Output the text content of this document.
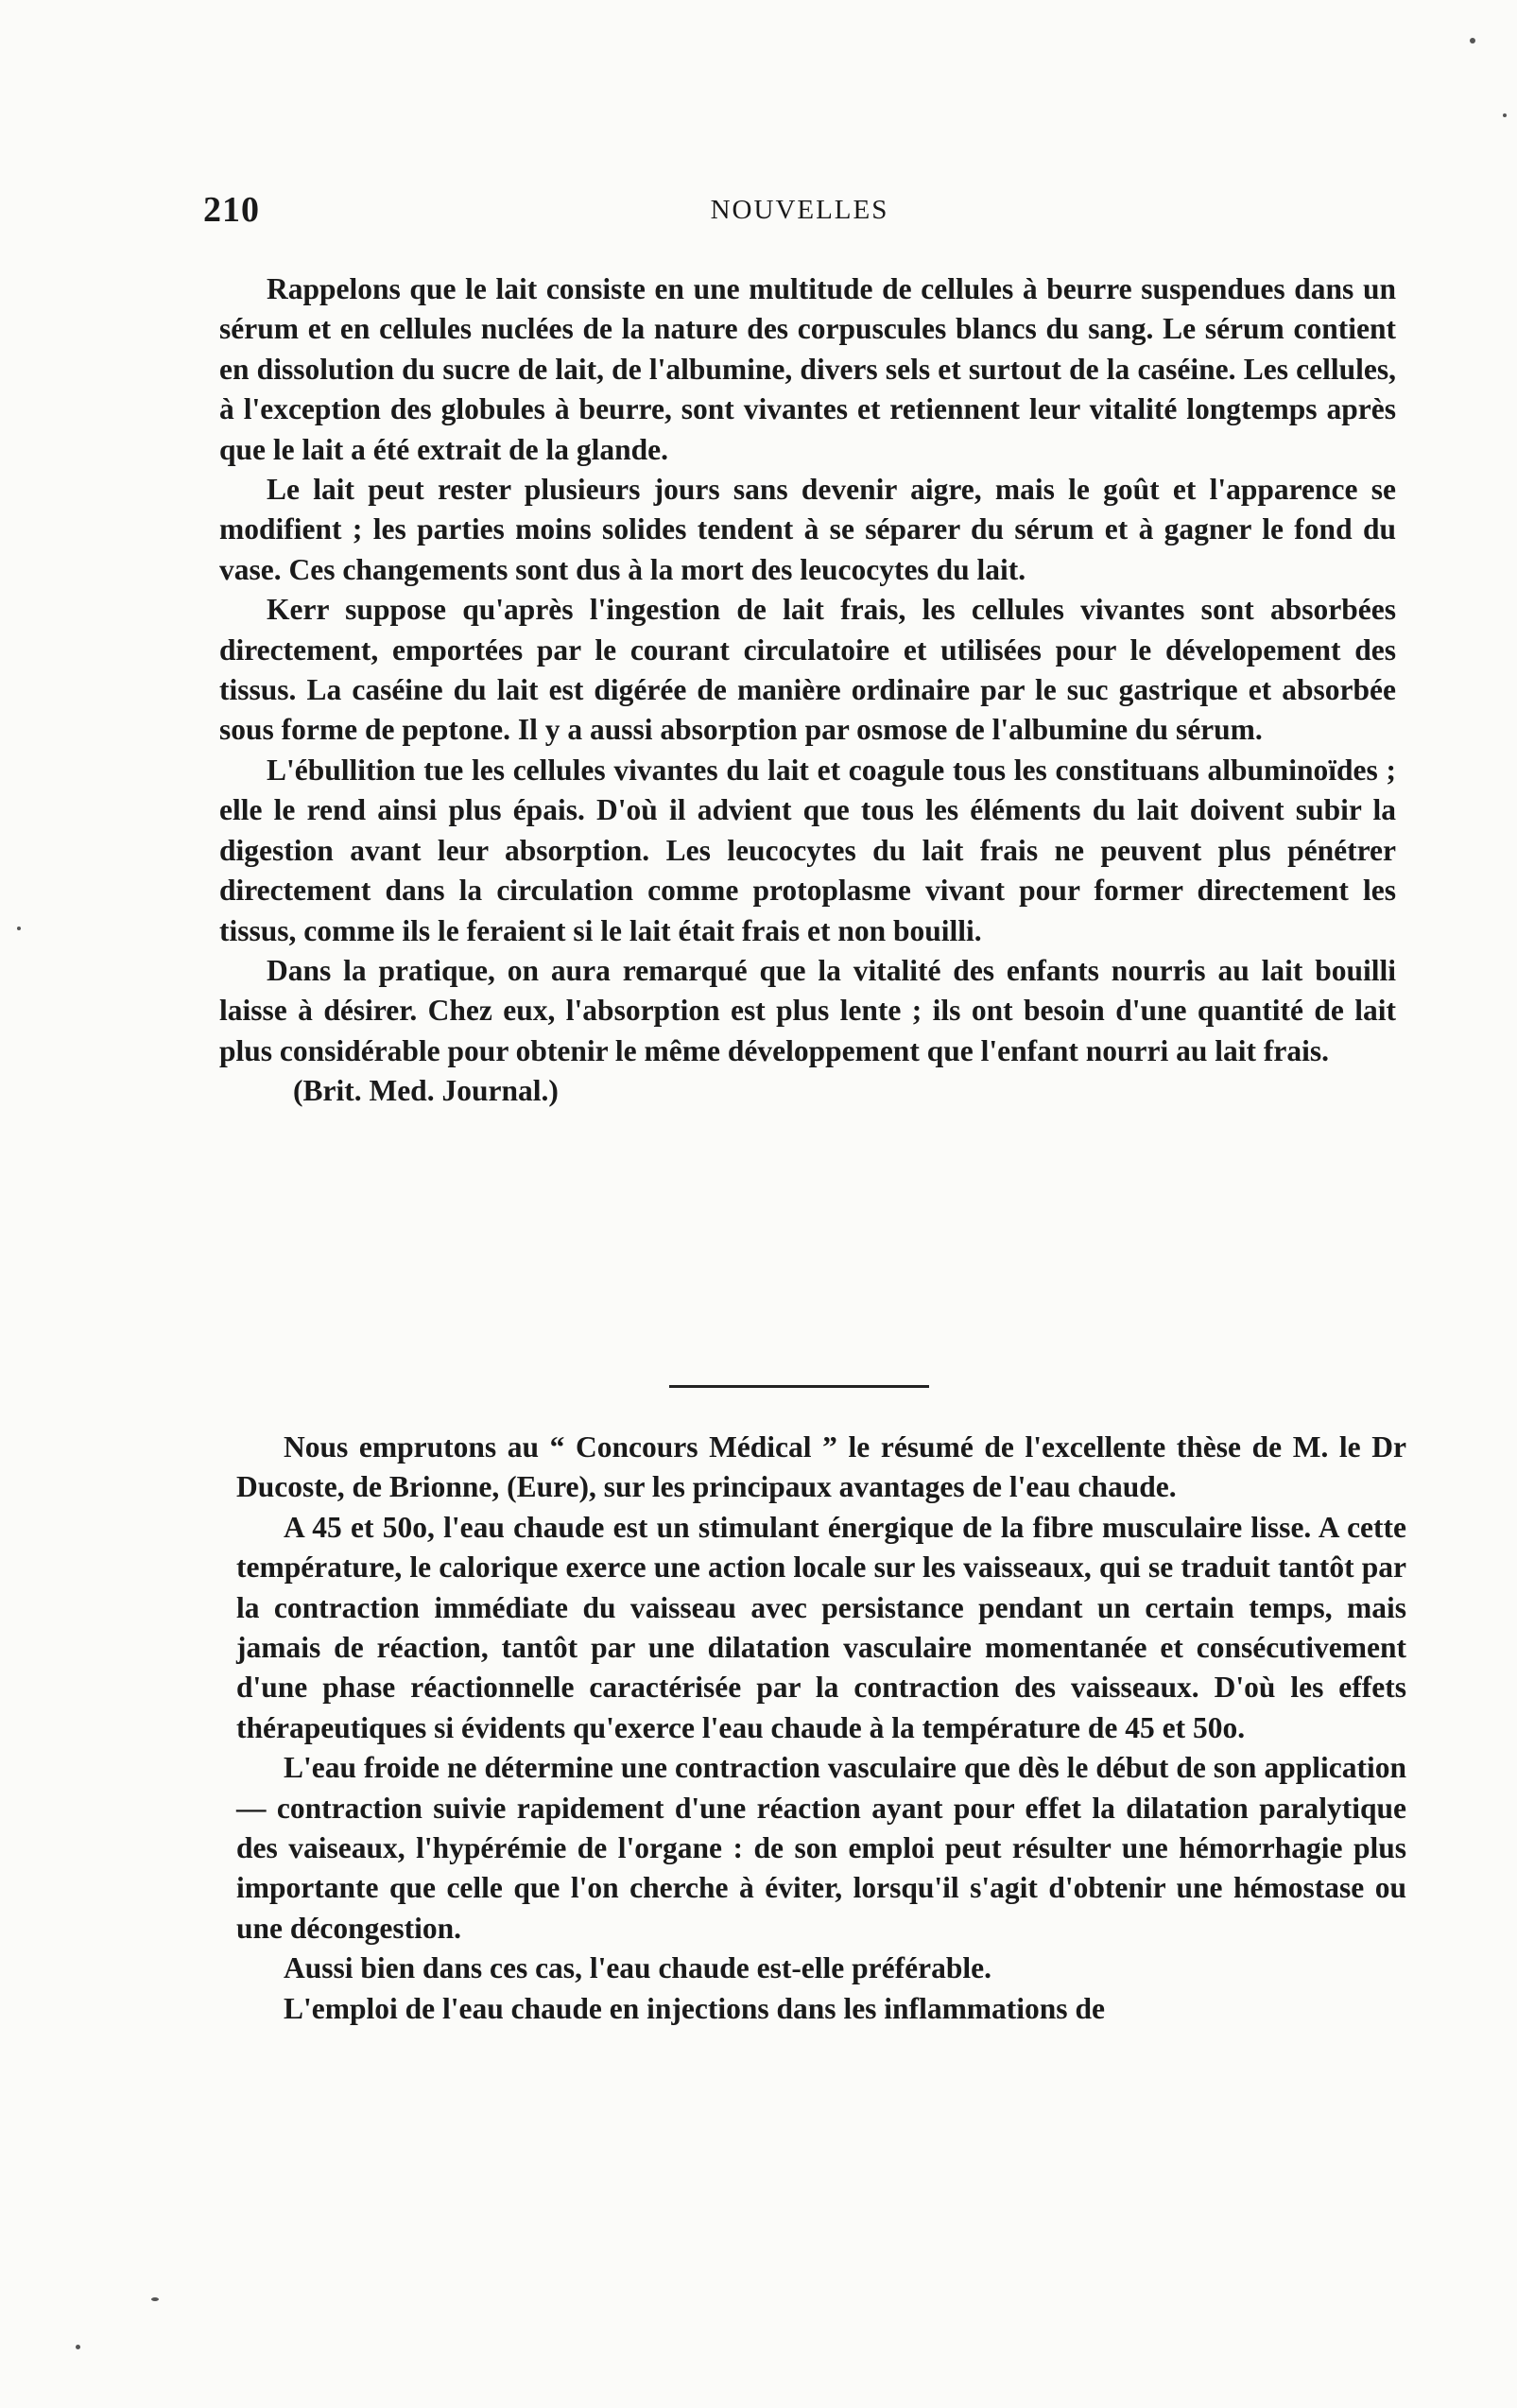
210	NOUVELLES

Rappelons que le lait consiste en une multitude de cellules à beurre suspendues dans un sérum et en cellules nuclées de la nature des corpuscules blancs du sang. Le sérum contient en dissolution du sucre de lait, de l'albumine, divers sels et surtout de la caséine. Les cellules, à l'exception des globules à beurre, sont vivantes et retiennent leur vitalité longtemps après que le lait a été extrait de la glande.

Le lait peut rester plusieurs jours sans devenir aigre, mais le goût et l'apparence se modifient ; les parties moins solides tendent à se séparer du sérum et à gagner le fond du vase. Ces changements sont dus à la mort des leucocytes du lait.

Kerr suppose qu'après l'ingestion de lait frais, les cellules vivantes sont absorbées directement, emportées par le courant circulatoire et utilisées pour le dévelopement des tissus. La caséine du lait est digérée de manière ordinaire par le suc gastrique et absorbée sous forme de peptone. Il y a aussi absorption par osmose de l'albumine du sérum.

L'ébullition tue les cellules vivantes du lait et coagule tous les constituans albuminoïdes ; elle le rend ainsi plus épais. D'où il advient que tous les éléments du lait doivent subir la digestion avant leur absorption. Les leucocytes du lait frais ne peuvent plus pénétrer directement dans la circulation comme protoplasme vivant pour former directement les tissus, comme ils le feraient si le lait était frais et non bouilli.

Dans la pratique, on aura remarqué que la vitalité des enfants nourris au lait bouilli laisse à désirer. Chez eux, l'absorption est plus lente ; ils ont besoin d'une quantité de lait plus considérable pour obtenir le même développement que l'enfant nourri au lait frais.

(Brit. Med. Journal.)

Nous emprutons au “ Concours Médical ” le résumé de l'excellente thèse de M. le Dr Ducoste, de Brionne, (Eure), sur les principaux avantages de l'eau chaude.

A 45 et 50o, l'eau chaude est un stimulant énergique de la fibre musculaire lisse. A cette température, le calorique exerce une action locale sur les vaisseaux, qui se traduit tantôt par la contraction immédiate du vaisseau avec persistance pendant un certain temps, mais jamais de réaction, tantôt par une dilatation vasculaire momentanée et consécutivement d'une phase réactionnelle caractérisée par la contraction des vaisseaux. D'où les effets thérapeutiques si évidents qu'exerce l'eau chaude à la température de 45 et 50o.

L'eau froide ne détermine une contraction vasculaire que dès le début de son application— contraction suivie rapidement d'une réaction ayant pour effet la dilatation paralytique des vaiseaux, l'hypérémie de l'organe : de son emploi peut résulter une hémorrhagie plus importante que celle que l'on cherche à éviter, lorsqu'il s'agit d'obtenir une hémostase ou une décongestion.

Aussi bien dans ces cas, l'eau chaude est-elle préférable.

L'emploi de l'eau chaude en injections dans les inflammations de
